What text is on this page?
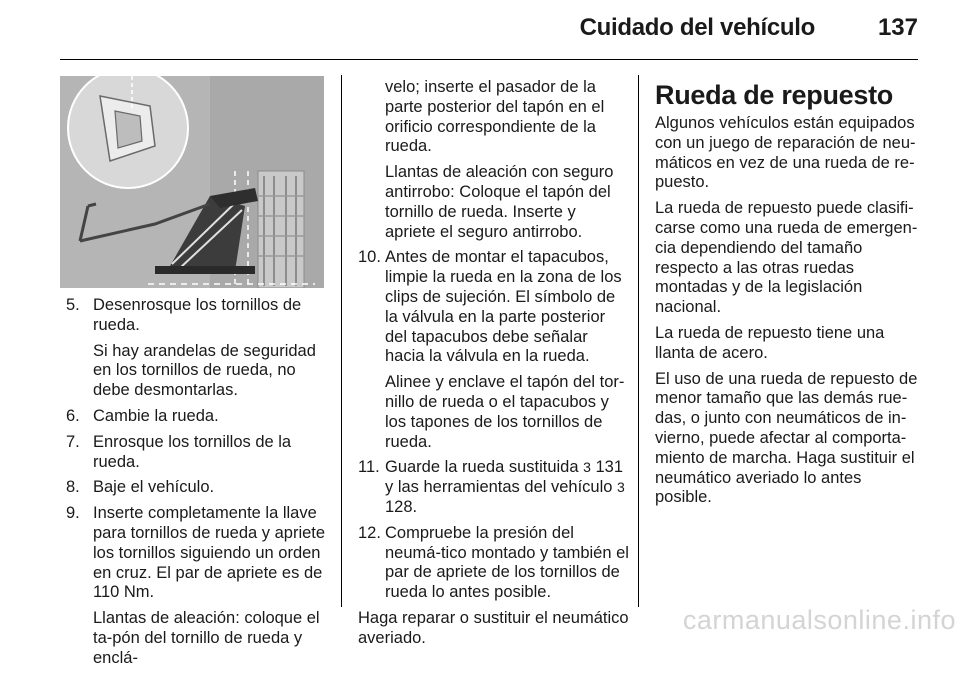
Cuidado del vehículo	137

5. Desenrosque los tornillos de rueda.
Si hay arandelas de seguridad en los tornillos de rueda, no debe desmontarlas.

6. Cambie la rueda.

7. Enrosque los tornillos de la rueda.

8. Baje el vehículo.

9. Inserte completamente la llave para tornillos de rueda y apriete los tornillos siguiendo un orden en cruz. El par de apriete es de 110 Nm.
Llantas de aleación: coloque el ta-pón del tornillo de rueda y enclá-

velo; inserte el pasador de la parte posterior del tapón en el orificio correspondiente de la rueda.

Llantas de aleación con seguro antirrobo: Coloque el tapón del tornillo de rueda. Inserte y apriete el seguro antirrobo.

10. Antes de montar el tapacubos, limpie la rueda en la zona de los clips de sujeción. El símbolo de la válvula en la parte posterior del tapacubos debe señalar hacia la válvula en la rueda.
Alinee y enclave el tapón del tor-nillo de rueda o el tapacubos y los tapones de los tornillos de rueda.

11. Guarde la rueda sustituida 3 131 y las herramientas del vehículo 3 128.

12. Compruebe la presión del neumá-tico montado y también el par de apriete de los tornillos de rueda lo antes posible.

Haga reparar o sustituir el neumático averiado.

Rueda de repuesto

Algunos vehículos están equipados con un juego de reparación de neu-máticos en vez de una rueda de re-puesto.

La rueda de repuesto puede clasifi-carse como una rueda de emergen-cia dependiendo del tamaño respecto a las otras ruedas montadas y de la legislación nacional.

La rueda de repuesto tiene una llanta de acero.

El uso de una rueda de repuesto de menor tamaño que las demás rue-das, o junto con neumáticos de in-vierno, puede afectar al comporta-miento de marcha. Haga sustituir el neumático averiado lo antes posible.

carmanualsonline.info
